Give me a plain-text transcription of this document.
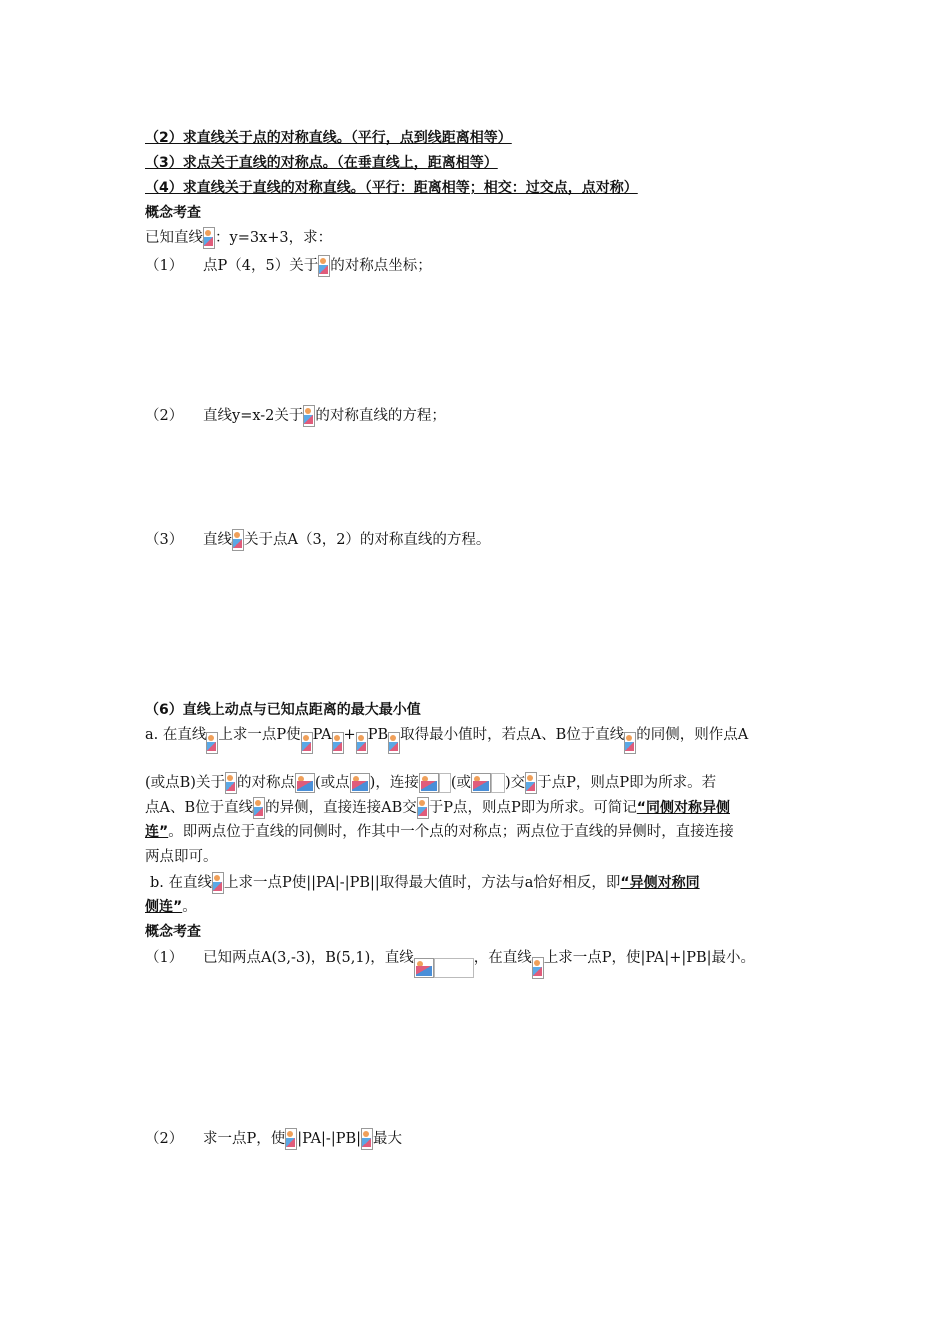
（2）求直线关于点的对称直线。（平行，点到线距离相等）
（3）求点关于直线的对称点。（在垂直线上，距离相等）
（4）求直线关于直线的对称直线。（平行：距离相等；相交：过交点，点对称）
概念考查
已知直线 ：y=3x+3，求：
（1） 点P（4，5）关于 的对称点坐标；
（2） 直线y=x-2关于 的对称直线的方程；
（3） 直线 关于点A（3，2）的对称直线的方程。
（6）直线上动点与已知点距离的最大最小值
a. 在直线 上求一点P使 PA + PB 取得最小值时，若点A、B位于直线 的同侧，则作点A
(或点B)关于 的对称点 (或点 )，连接 (或 )交 于点P，则点P即为所求。若
点A、B位于直线 的异侧，直接连接AB交 于P点，则点P即为所求。可简记“同侧对称异侧
连”。即两点位于直线的同侧时，作其中一个点的对称点；两点位于直线的异侧时，直接连接
两点即可。
b. 在直线 上求一点P使||PA|-|PB||取得最大值时，方法与a恰好相反，即“异侧对称同
侧连”。
概念考查
（1） 已知两点A(3,-3)，B(5,1)，直线	，在直线 上求一点P，使|PA|+|PB|最小。
（2） 求一点P，使 |PA|-|PB| 最大
